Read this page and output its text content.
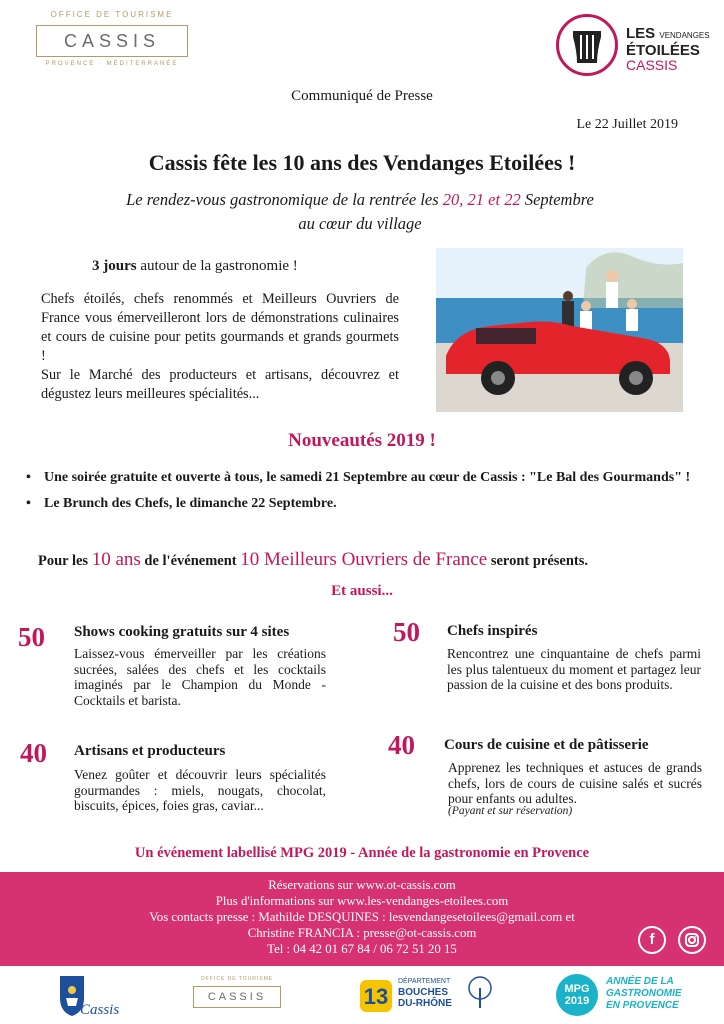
OFFICE DE TOURISME
CASSIS
PROVENCE · MÉDITERRANÉE
LES VENDANGES
ÉTOILÉES
CASSIS
Communiqué de Presse
Le 22 Juillet 2019
Cassis fête les 10 ans des Vendanges Etoilées !
Le rendez-vous gastronomique de la rentrée les 20, 21 et 22 Septembre
au cœur du village
3 jours autour de la gastronomie !
Chefs étoilés, chefs renommés et Meilleurs Ouvriers de France vous émerveilleront lors de démonstrations culinaires et cours de cuisine pour petits gourmands et grands gourmets !
Sur le Marché des producteurs et artisans, découvrez et dégustez leurs meilleures spécialités...
Nouveautés 2019 !
• Une soirée gratuite et ouverte à tous, le samedi 21 Septembre au cœur de Cassis : "Le Bal des Gourmands" !
• Le Brunch des Chefs, le dimanche 22 Septembre.
Pour les 10 ans de l'événement 10 Meilleurs Ouvriers de France seront présents.
Et aussi...
50 Shows cooking gratuits sur 4 sites
Laissez-vous émerveiller par les créations sucrées, salées des chefs et les cocktails imaginés par le Champion du Monde - Cocktails et barista.
50 Chefs inspirés
Rencontrez une cinquantaine de chefs parmi les plus talentueux du moment et partagez leur passion de la cuisine et des bons produits.
40 Artisans et producteurs
Venez goûter et découvrir leurs spécialités gourmandes : miels, nougats, chocolat, biscuits, épices, foies gras, caviar...
40 Cours de cuisine et de pâtisserie
Apprenez les techniques et astuces de grands chefs, lors de cours de cuisine salés et sucrés pour enfants ou adultes.
(Payant et sur réservation)
Un événement labellisé MPG 2019 - Année de la gastronomie en Provence
Réservations sur www.ot-cassis.com
Plus d'informations sur www.les-vendanges-etoilees.com
Vos contacts presse : Mathilde DESQUINES : lesvendangesetoilees@gmail.com et
Christine FRANCIA : presse@ot-cassis.com
Tel : 04 42 01 67 84 / 06 72 51 20 15
f
Cassis
OFFICE DE TOURISME
CASSIS	13
DÉPARTEMENT
BOUCHES
DU-RHÔNE
MPG
2019
ANNÉE DE LA
GASTRONOMIE
EN PROVENCE
